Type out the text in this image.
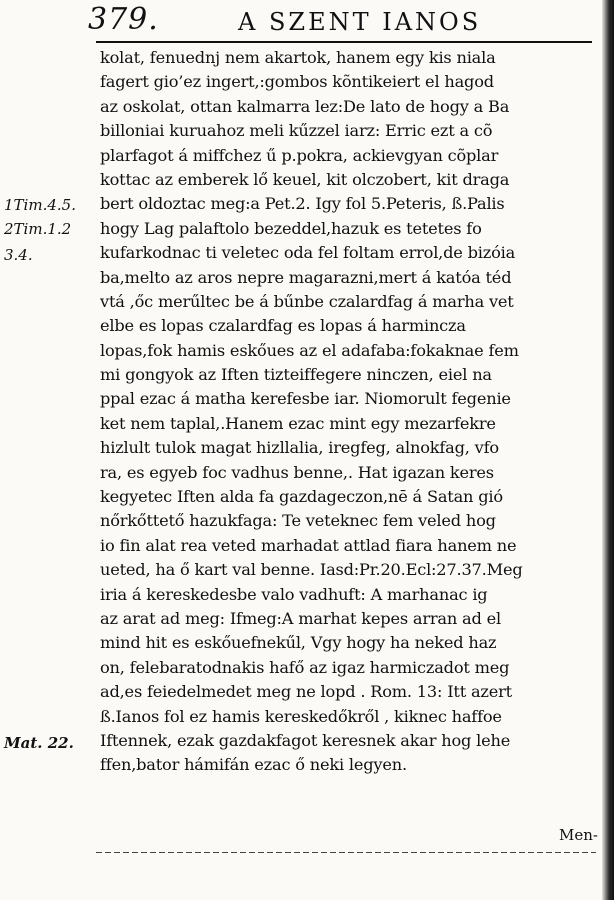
379.	A SZENT IANOS
1Tim.4.5.
2Tim.1.2
3.4.
Mat. 22.
kolat, fenuednj nem akartok, hanem egy kis niala
fagert gio’ez ingert,:gombos kõntikeiert el hagod
az oskolat, ottan kalmarra lez:De lato de hogy a Ba
billoniai kuruahoz meli kűzzel iarz: Erric ezt a cõ
plarfagot á miffchez ű p.pokra, ackievgyan cõplar
kottac az emberek lő keuel, kit olczobert, kit draga
bert oldoztac meg:a Pet.2. Igy fol 5.Peteris, ß.Palis
hogy Lag palaftolo bezeddel,hazuk es tetetes fo
kufarkodnac ti veletec oda fel foltam errol,de bizóia
ba,melto az aros nepre magarazni,mert á katóa téd
vtá ,őc merűltec be á bűnbe czalardfag á marha vet
elbe es lopas czalardfag es lopas á harmincza
lopas,fok hamis eskőues az el adafaba:fokaknae fem
mi gongyok az Iften tizteiffegere ninczen, eiel na
ppal ezac á matha kerefesbe iar. Niomorult fegenie
ket nem taplal,.Hanem ezac mint egy mezarfekre
hizlult tulok magat hizllalia, iregfeg, alnokfag, vfo
ra, es egyeb foc vadhus benne,. Hat igazan keres
kegyetec Iften alda fa gazdageczon,nē á Satan gió
nőrkőttető hazukfaga: Te veteknec fem veled hog
io fin alat rea veted marhadat attlad fiara hanem ne
ueted, ha ő kart val benne. Iasd:Pr.20.Ecl:27.37.Meg
iria á kereskedesbe valo vadhuft: A marhanac ig
az arat ad meg: Ifmeg:A marhat kepes arran ad el
mind hit es eskőuefnekűl, Vgy hogy ha neked haz
on, felebaratodnakis hafő az igaz harmiczadot meg
ad,es feiedelmedet meg ne lopd . Rom. 13: Itt azert
ß.Ianos fol ez hamis kereskedőkről , kiknec haffoe
Iftennek, ezak gazdakfagot keresnek akar hog lehe
ffen,bator hámifán ezac ő neki legyen.
Men-
